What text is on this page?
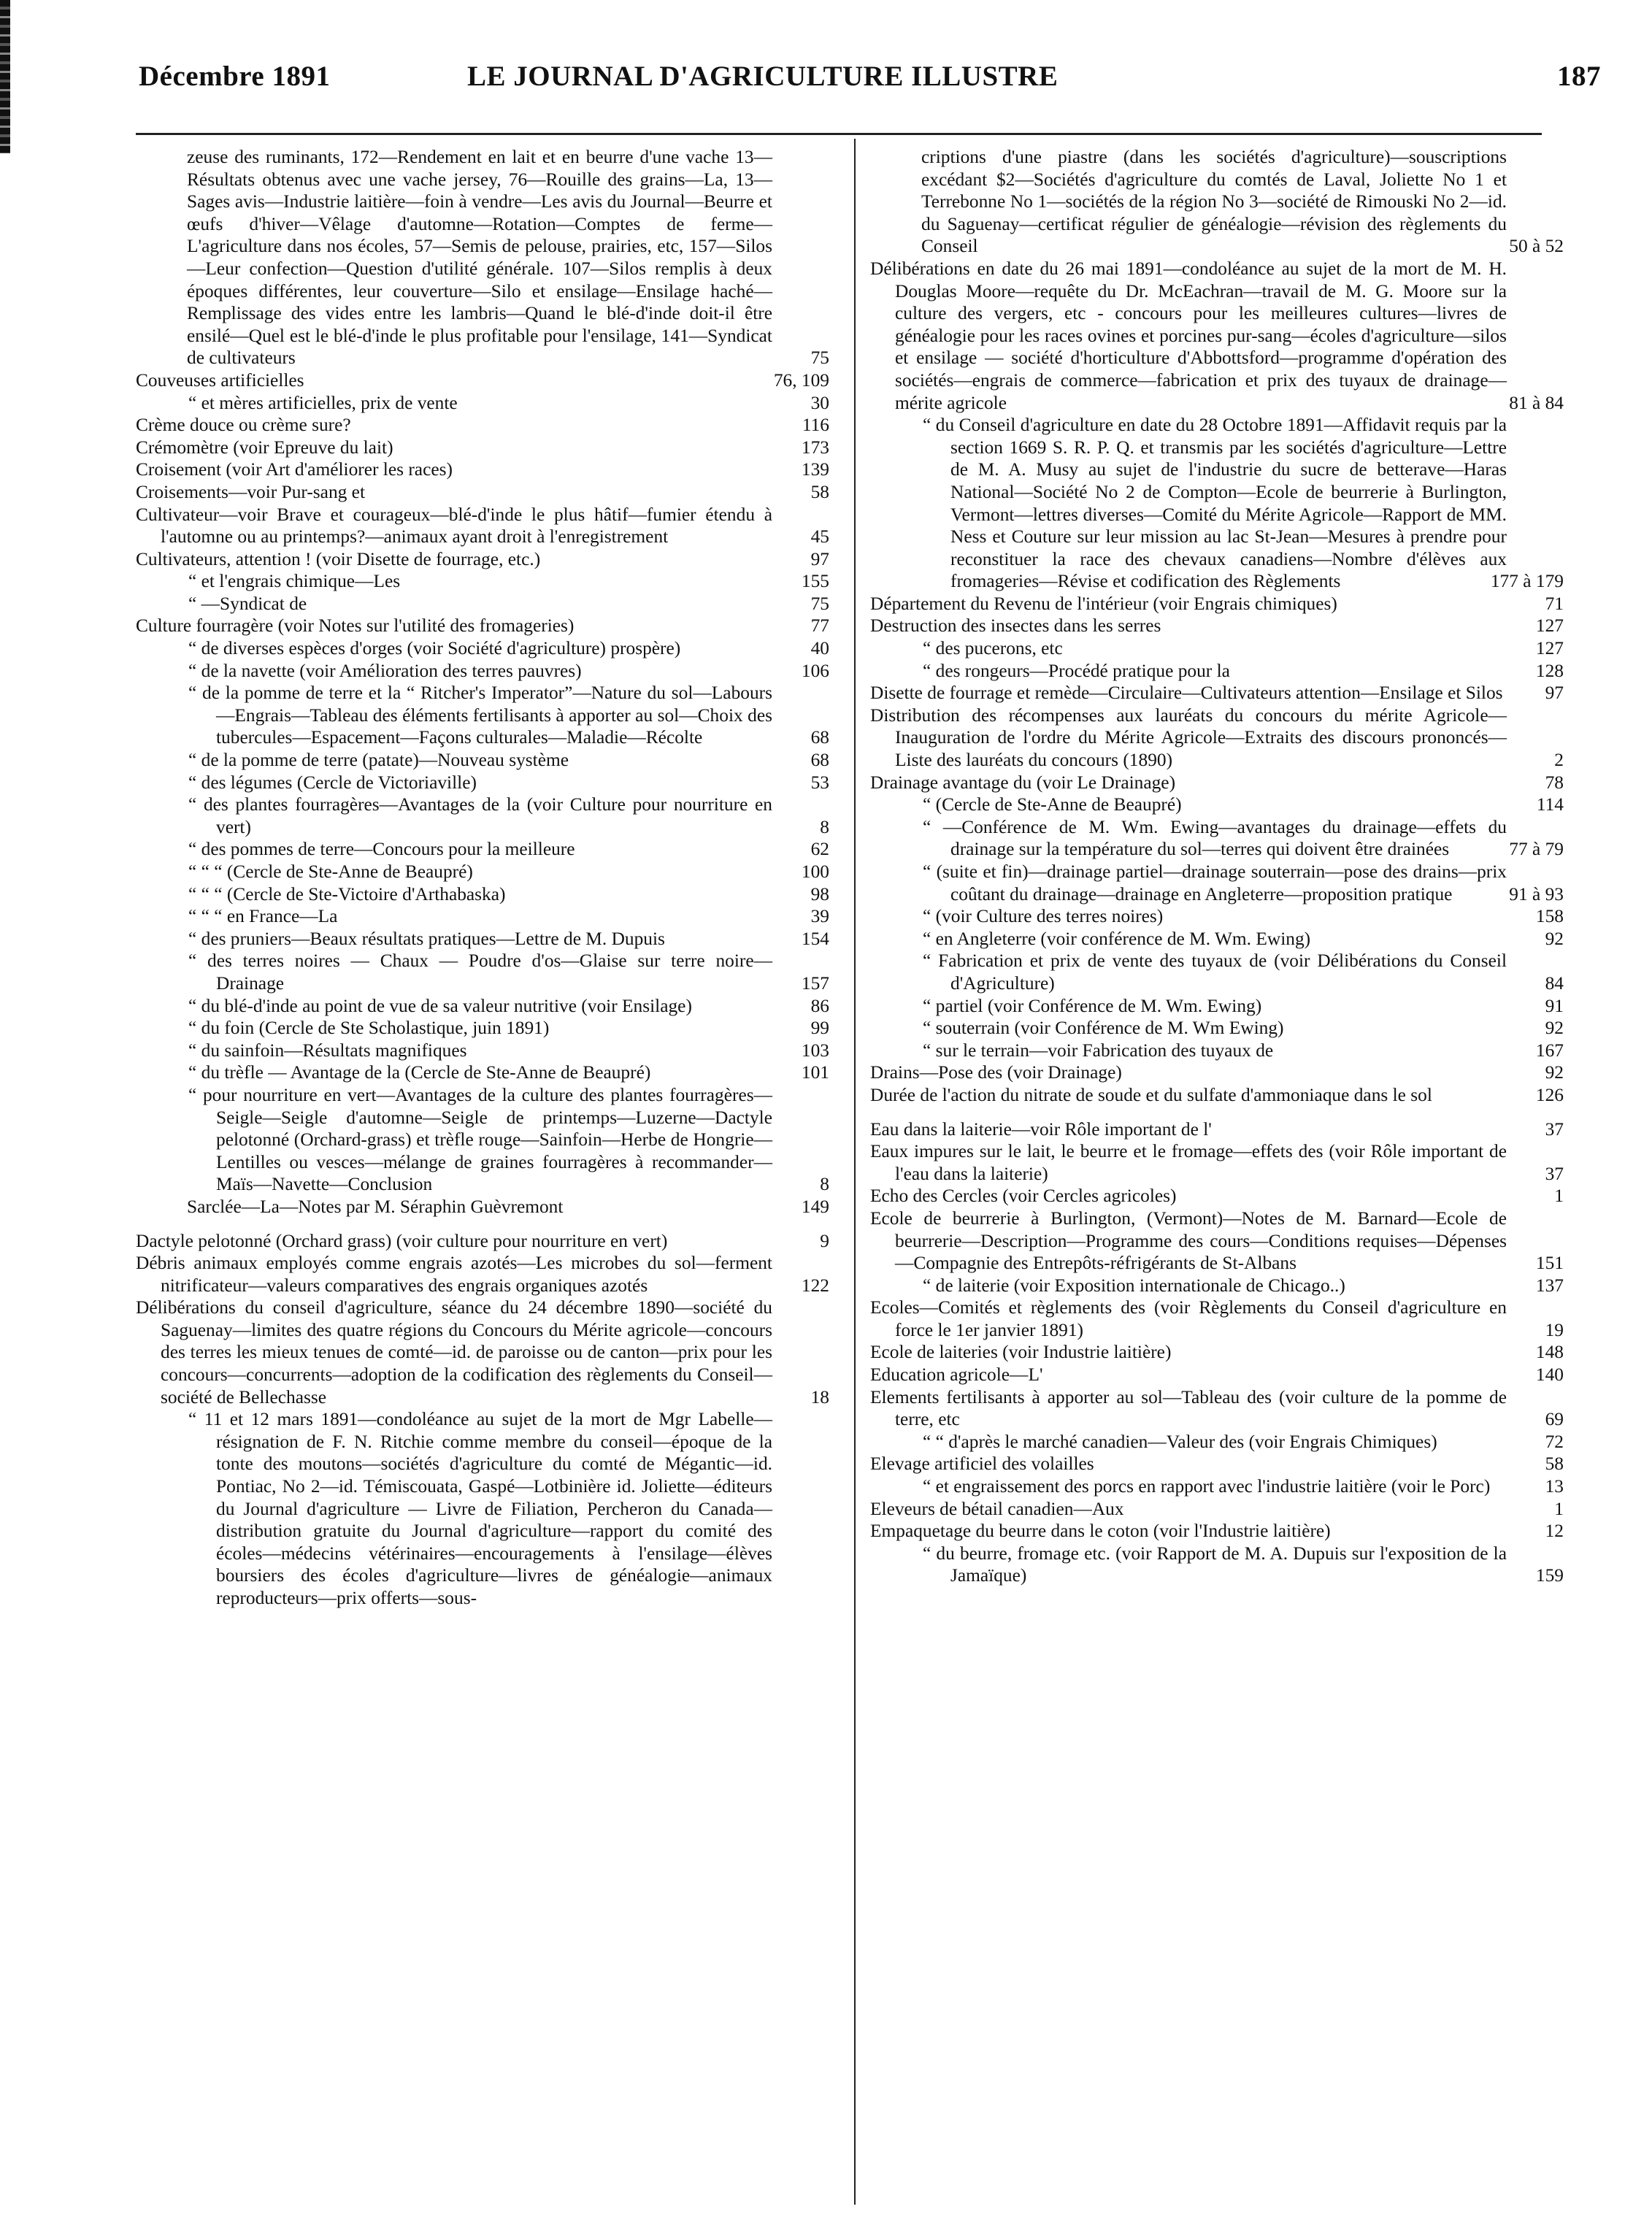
Décembre 1891	LE JOURNAL D'AGRICULTURE ILLUSTRE	187
zeuse des ruminants, 172—Rendement en lait et en beurre d'une vache 13—Résultats obtenus avec une vache jersey, 76—Rouille des grains—La, 13—Sages avis—Industrie laitière—foin à vendre—Les avis du Journal—Beurre et œufs d'hiver—Vêlage d'automne—Rotation—Comptes de ferme—L'agriculture dans nos écoles, 57—Semis de pelouse, prairies, etc, 157—Silos—Leur confection—Question d'utilité générale. 107—Silos remplis à deux époques différentes, leur couverture—Silo et ensilage—Ensilage haché—Remplissage des vides entre les lambris—Quand le blé-d'inde doit-il être ensilé—Quel est le blé-d'inde le plus profitable pour l'ensilage, 141—Syndicat de cultivateurs	75
Couveuses artificielles	76, 109
“ et mères artificielles, prix de vente	30
Crème douce ou crème sure?	116
Crémomètre (voir Epreuve du lait)	173
Croisement (voir Art d'améliorer les races)	139
Croisements—voir Pur-sang et	58
Cultivateur—voir Brave et courageux—blé-d'inde le plus hâtif—fumier étendu à l'automne ou au printemps?—animaux ayant droit à l'enregistrement	45
Cultivateurs, attention ! (voir Disette de fourrage, etc.)	97
“ et l'engrais chimique—Les	155
“ —Syndicat de	75
Culture fourragère (voir Notes sur l'utilité des fromageries)	77
“ de diverses espèces d'orges (voir Société d'agriculture) prospère)	40
“ de la navette (voir Amélioration des terres pauvres)	106
“ de la pomme de terre et la “ Ritcher's Imperator”—Nature du sol—Labours—Engrais—Tableau des éléments fertilisants à apporter au sol—Choix des tubercules—Espacement—Façons culturales—Maladie—Récolte	68
“ de la pomme de terre (patate)—Nouveau système	68
“ des légumes (Cercle de Victoriaville)	53
“ des plantes fourragères—Avantages de la (voir Culture pour nourriture en vert)	8
“ des pommes de terre—Concours pour la meilleure	62
“ “ “ (Cercle de Ste-Anne de Beaupré)	100
“ “ “ (Cercle de Ste-Victoire d'Arthabaska)	98
“ “ “ en France—La	39
“ des pruniers—Beaux résultats pratiques—Lettre de M. Dupuis	154
“ des terres noires — Chaux — Poudre d'os—Glaise sur terre noire—Drainage	157
“ du blé-d'inde au point de vue de sa valeur nutritive (voir Ensilage)	86
“ du foin (Cercle de Ste Scholastique, juin 1891)	99
“ du sainfoin—Résultats magnifiques	103
“ du trèfle — Avantage de la (Cercle de Ste-Anne de Beaupré)	101
“ pour nourriture en vert—Avantages de la culture des plantes fourragères—Seigle—Seigle d'automne—Seigle de printemps—Luzerne—Dactyle pelotonné (Orchard-grass) et trèfle rouge—Sainfoin—Herbe de Hongrie—Lentilles ou vesces—mélange de graines fourragères à recommander—Maïs—Navette—Conclusion	8
Sarclée—La—Notes par M. Séraphin Guèvremont	149
Dactyle pelotonné (Orchard grass) (voir culture pour nourriture en vert)	9
Débris animaux employés comme engrais azotés—Les microbes du sol—ferment nitrificateur—valeurs comparatives des engrais organiques azotés	122
Délibérations du conseil d'agriculture, séance du 24 décembre 1890—société du Saguenay—limites des quatre régions du Concours du Mérite agricole—concours des terres les mieux tenues de comté—id. de paroisse ou de canton—prix pour les concours—concurrents—adoption de la codification des règlements du Conseil—société de Bellechasse	18
“ 11 et 12 mars 1891—condoléance au sujet de la mort de Mgr Labelle—résignation de F. N. Ritchie comme membre du conseil—époque de la tonte des moutons—sociétés d'agriculture du comté de Mégantic—id. Pontiac, No 2—id. Témiscouata, Gaspé—Lotbinière id. Joliette—éditeurs du Journal d'agriculture — Livre de Filiation, Percheron du Canada—distribution gratuite du Journal d'agriculture—rapport du comité des écoles—médecins vétérinaires—encouragements à l'ensilage—élèves boursiers des écoles d'agriculture—livres de généalogie—animaux reproducteurs—prix offerts—sous-
criptions d'une piastre (dans les sociétés d'agriculture)—souscriptions excédant $2—Sociétés d'agriculture du comtés de Laval, Joliette No 1 et Terrebonne No 1—sociétés de la région No 3—société de Rimouski No 2—id. du Saguenay—certificat régulier de généalogie—révision des règlements du Conseil	50 à 52
Délibérations en date du 26 mai 1891—condoléance au sujet de la mort de M. H. Douglas Moore—requête du Dr. McEachran—travail de M. G. Moore sur la culture des vergers, etc - concours pour les meilleures cultures—livres de généalogie pour les races ovines et porcines pur-sang—écoles d'agriculture—silos et ensilage — société d'horticulture d'Abbottsford—programme d'opération des sociétés—engrais de commerce—fabrication et prix des tuyaux de drainage—mérite agricole	81 à 84
“ du Conseil d'agriculture en date du 28 Octobre 1891—Affidavit requis par la section 1669 S. R. P. Q. et transmis par les sociétés d'agriculture—Lettre de M. A. Musy au sujet de l'industrie du sucre de betterave—Haras National—Société No 2 de Compton—Ecole de beurrerie à Burlington, Vermont—lettres diverses—Comité du Mérite Agricole—Rapport de MM. Ness et Couture sur leur mission au lac St-Jean—Mesures à prendre pour reconstituer la race des chevaux canadiens—Nombre d'élèves aux fromageries—Révise et codification des Règlements	177 à 179
Département du Revenu de l'intérieur (voir Engrais chimiques)	71
Destruction des insectes dans les serres	127
“ des pucerons, etc	127
“ des rongeurs—Procédé pratique pour la	128
Disette de fourrage et remède—Circulaire—Cultivateurs attention—Ensilage et Silos 97
Distribution des récompenses aux lauréats du concours du mérite Agricole—Inauguration de l'ordre du Mérite Agricole—Extraits des discours prononcés—Liste des lauréats du concours (1890)	2
Drainage avantage du (voir Le Drainage)	78
“ (Cercle de Ste-Anne de Beaupré)	114
“ —Conférence de M. Wm. Ewing—avantages du drainage—effets du drainage sur la température du sol—terres qui doivent être drainées	77 à 79
“ (suite et fin)—drainage partiel—drainage souterrain—pose des drains—prix coûtant du drainage—drainage en Angleterre—proposition pratique	91 à 93
“ (voir Culture des terres noires)	158
“ en Angleterre (voir conférence de M. Wm. Ewing)	92
“ Fabrication et prix de vente des tuyaux de (voir Délibérations du Conseil d'Agriculture)	84
“ partiel (voir Conférence de M. Wm. Ewing)	91
“ souterrain (voir Conférence de M. Wm Ewing)	92
“ sur le terrain—voir Fabrication des tuyaux de	167
Drains—Pose des (voir Drainage)	92
Durée de l'action du nitrate de soude et du sulfate d'ammoniaque dans le sol	126
Eau dans la laiterie—voir Rôle important de l'	37
Eaux impures sur le lait, le beurre et le fromage—effets des (voir Rôle important de l'eau dans la laiterie)	37
Echo des Cercles (voir Cercles agricoles)	1
Ecole de beurrerie à Burlington, (Vermont)—Notes de M. Barnard—Ecole de beurrerie—Description—Programme des cours—Conditions requises—Dépenses—Compagnie des Entrepôts-réfrigérants de St-Albans	151
“ de laiterie (voir Exposition internationale de Chicago..)	137
Ecoles—Comités et règlements des (voir Règlements du Conseil d'agriculture en force le 1er janvier 1891)	19
Ecole de laiteries (voir Industrie laitière)	148
Education agricole—L'	140
Elements fertilisants à apporter au sol—Tableau des (voir culture de la pomme de terre, etc	69
“ “ d'après le marché canadien—Valeur des (voir Engrais Chimiques)	72
Elevage artificiel des volailles	58
“ et engraissement des porcs en rapport avec l'industrie laitière (voir le Porc)	13
Eleveurs de bétail canadien—Aux	1
Empaquetage du beurre dans le coton (voir l'Industrie laitière)	12
“ du beurre, fromage etc. (voir Rapport de M. A. Dupuis sur l'exposition de la Jamaïque)	159
